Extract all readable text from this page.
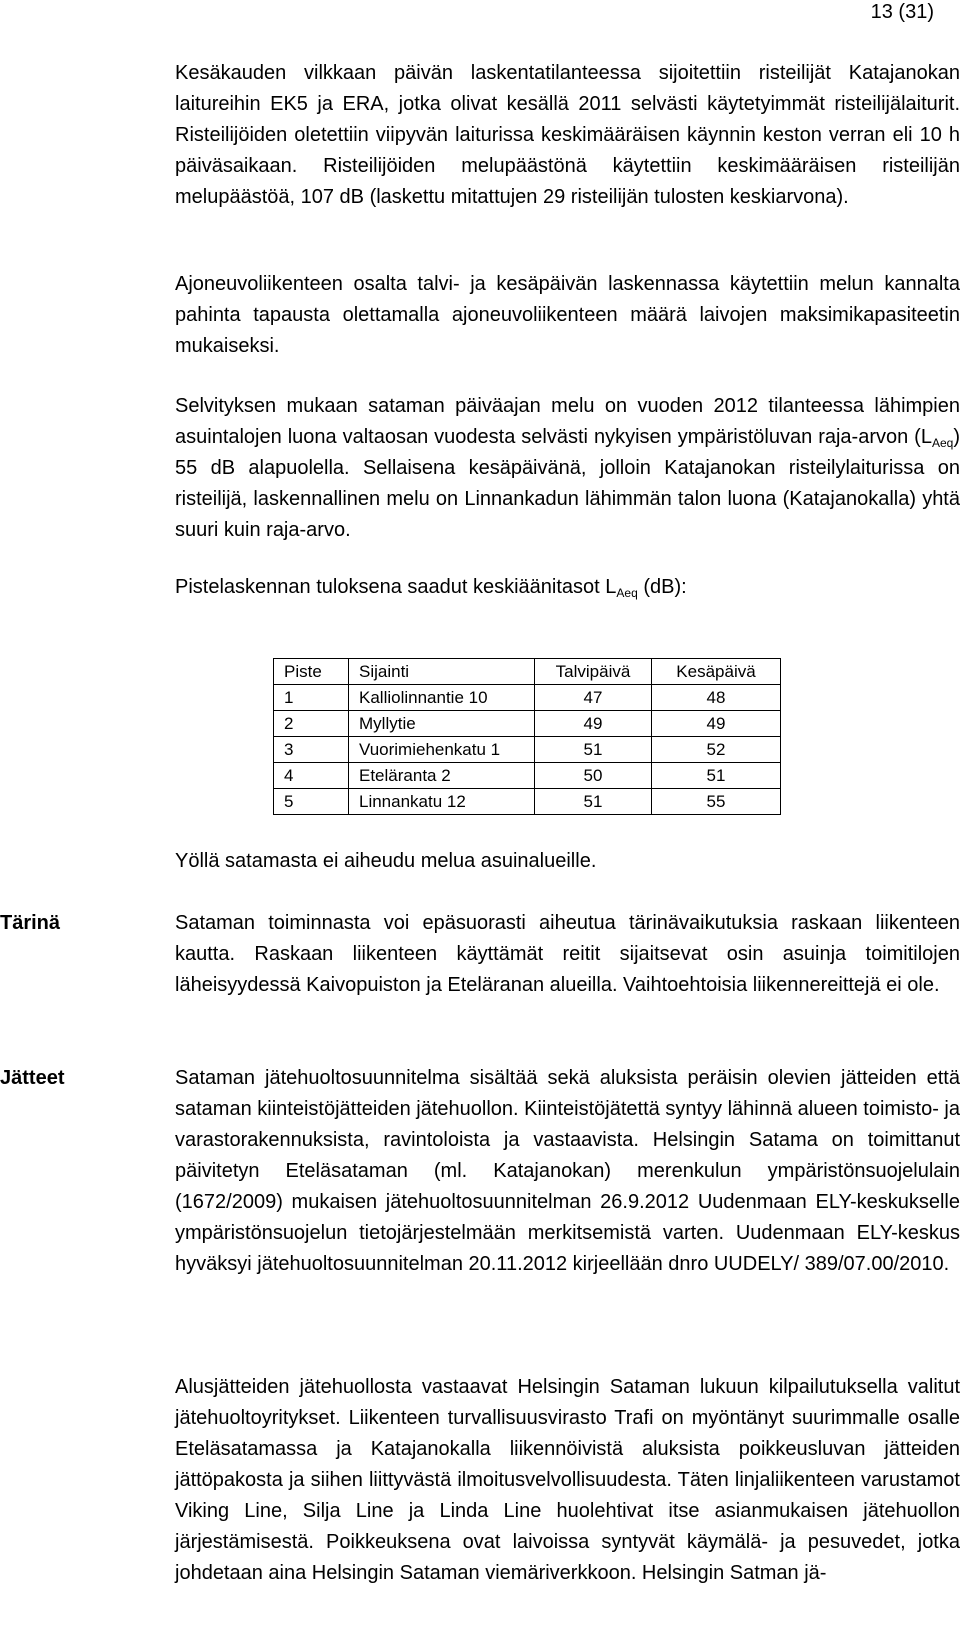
13 (31)

Kesäkauden vilkkaan päivän laskentatilanteessa sijoitettiin risteilijät Katajanokan laitureihin EK5 ja ERA, jotka olivat kesällä 2011 selvästi käytetyimmät risteilijälaiturit. Risteilijöiden oletettiin viipyvän laiturissa keskimääräisen käynnin keston verran eli 10 h päiväsaikaan. Risteilijöiden melupäästönä käytettiin keskimääräisen risteilijän melupäästöä, 107 dB (laskettu mitattujen 29 risteilijän tulosten keskiarvona).

Ajoneuvoliikenteen osalta talvi- ja kesäpäivän laskennassa käytettiin melun kannalta pahinta tapausta olettamalla ajoneuvoliikenteen määrä laivojen maksimikapasiteetin mukaiseksi.

Selvityksen mukaan sataman päiväajan melu on vuoden 2012 tilanteessa lähimpien asuintalojen luona valtaosan vuodesta selvästi nykyisen ympäristöluvan raja-arvon $(L_{Aeq})$ 55 dB alapuolella. Sellaisena kesäpäivänä, jolloin Katajanokan risteilylaiturissa on risteilijä, laskennallinen melu on Linnankadun lähimmän talon luona (Katajanokalla) yhtä suuri kuin raja-arvo.

Pistelaskennan tuloksena saadut keskiäänitasot $L_{Aeq}$ (dB):

Piste	Sijainti	Talvipäivä	Kesäpäivä
1	Kalliolinnantie 10	47	48
2	Myllytie	49	49
3	Vuorimiehenkatu 1	51	52
4	Eteläranta 2	50	51
5	Linnankatu 12	51	55

Yöllä satamasta ei aiheudu melua asuinalueille.

Tärinä	Sataman toiminnasta voi epäsuorasti aiheutua tärinävaikutuksia raskaan liikenteen kautta. Raskaan liikenteen käyttämät reitit sijaitsevat osin asuinja toimitilojen läheisyydessä Kaivopuiston ja Eteläranan alueilla. Vaihtoehtoisia liikennereittejä ei ole.

Jätteet	Sataman jätehuoltosuunnitelma sisältää sekä aluksista peräisin olevien jätteiden että sataman kiinteistöjätteiden jätehuollon. Kiinteistöjätettä syntyy lähinnä alueen toimisto- ja varastorakennuksista, ravintoloista ja vastaavista. Helsingin Satama on toimittanut päivitetyn Eteläsataman (ml. Katajanokan) merenkulun ympäristönsuojelulain (1672/2009) mukaisen jätehuoltosuunnitelman 26.9.2012 Uudenmaan ELY-keskukselle ympäristönsuojelun tietojärjestelmään merkitsemistä varten. Uudenmaan ELY-keskus hyväksyi jätehuoltosuunnitelman 20.11.2012 kirjeellään dnro UUDELY/ 389/07.00/2010.

Alusjätteiden jätehuollosta vastaavat Helsingin Sataman lukuun kilpailutuksella valitut jätehuoltoyritykset. Liikenteen turvallisuusvirasto Trafi on myöntänyt suurimmalle osalle Eteläsatamassa ja Katajanokalla liikennöivistä aluksista poikkeusluvan jätteiden jättöpakosta ja siihen liittyvästä ilmoitusvelvollisuudesta. Täten linjaliikenteen varustamot Viking Line, Silja Line ja Linda Line huolehtivat itse asianmukaisen jätehuollon järjestämisestä. Poikkeuksena ovat laivoissa syntyvät käymälä- ja pesuvedet, jotka johdetaan aina Helsingin Sataman viemäriverkkoon. Helsingin Satman jä-
